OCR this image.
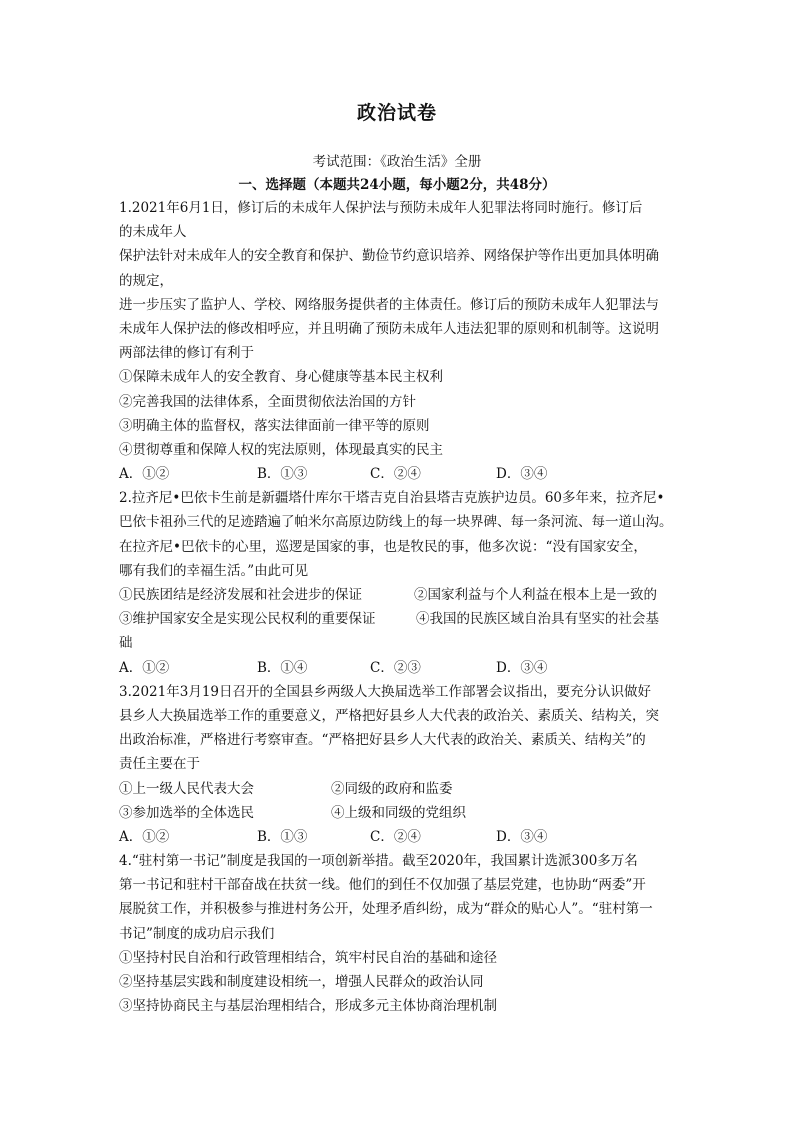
政治试卷
考试范围：《政治生活》全册
一、选择题（本题共24小题，每小题2分，共48分）
1.2021年6月1日，修订后的未成年人保护法与预防未成年人犯罪法将同时施行。修订后
的未成年人
保护法针对未成年人的安全教育和保护、勤俭节约意识培养、网络保护等作出更加具体明确
的规定，
进一步压实了监护人、学校、网络服务提供者的主体责任。修订后的预防未成年人犯罪法与
未成年人保护法的修改相呼应，并且明确了预防未成年人违法犯罪的原则和机制等。这说明
两部法律的修订有利于
①保障未成年人的安全教育、身心健康等基本民主权利
②完善我国的法律体系，全面贯彻依法治国的方针
③明确主体的监督权，落实法律面前一律平等的原则
④贯彻尊重和保障人权的宪法原则，体现最真实的民主
A．①②	B．①③	C．②④	D．③④
2.拉齐尼•巴依卡生前是新疆塔什库尔干塔吉克自治县塔吉克族护边员。60多年来，拉齐尼•
巴依卡祖孙三代的足迹踏遍了帕米尔高原边防线上的每一块界碑、每一条河流、每一道山沟。
在拉齐尼•巴依卡的心里，巡逻是国家的事，也是牧民的事，他多次说：“没有国家安全，
哪有我们的幸福生活。”由此可见
①民族团结是经济发展和社会进步的保证	②国家利益与个人利益在根本上是一致的
③维护国家安全是实现公民权利的重要保证	④我国的民族区域自治具有坚实的社会基
础
A．①②	B．①④	C．②③	D．③④
3.2021年3月19日召开的全国县乡两级人大换届选举工作部署会议指出，要充分认识做好
县乡人大换届选举工作的重要意义，严格把好县乡人大代表的政治关、素质关、结构关，突
出政治标准，严格进行考察审查。“严格把好县乡人大代表的政治关、素质关、结构关”的
责任主要在于
①上一级人民代表大会	②同级的政府和监委
③参加选举的全体选民	④上级和同级的党组织
A．①②	B．①③	C．②④	D．③④
4.“驻村第一书记”制度是我国的一项创新举措。截至2020年，我国累计选派300多万名
第一书记和驻村干部奋战在扶贫一线。他们的到任不仅加强了基层党建，也协助“两委”开
展脱贫工作，并积极参与推进村务公开，处理矛盾纠纷，成为“群众的贴心人”。“驻村第一
书记”制度的成功启示我们
①坚持村民自治和行政管理相结合，筑牢村民自治的基础和途径
②坚持基层实践和制度建设相统一，增强人民群众的政治认同
③坚持协商民主与基层治理相结合，形成多元主体协商治理机制
